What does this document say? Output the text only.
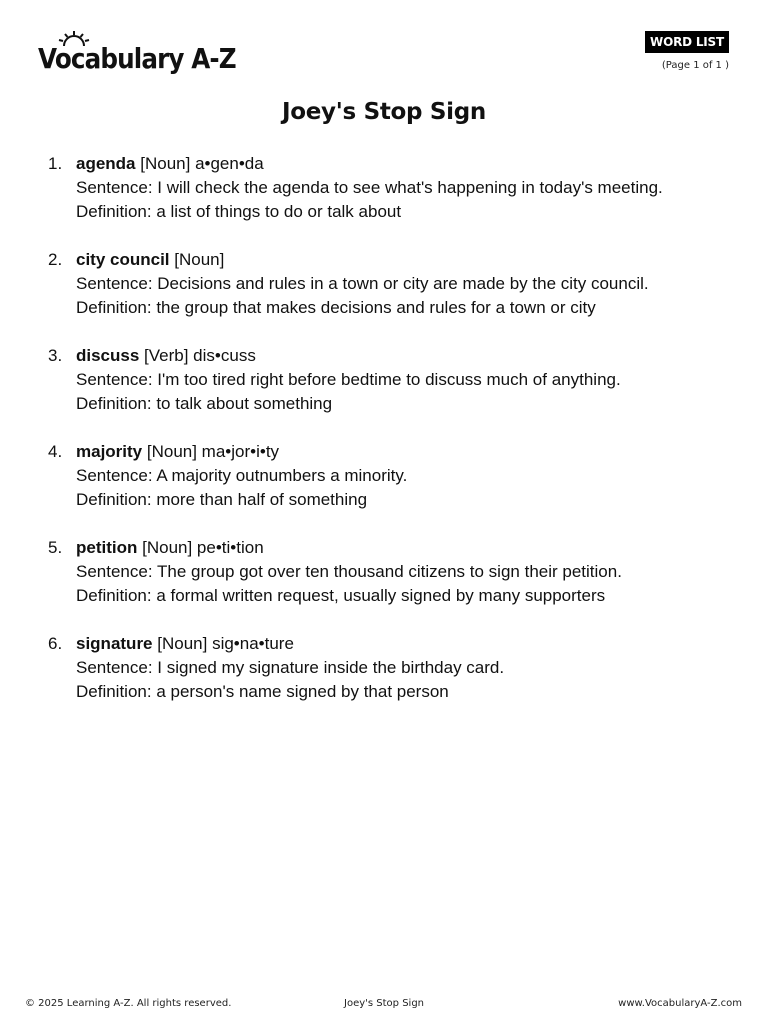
Vocabulary A-Z	WORD LIST
(Page 1 of 1 )
Joey's Stop Sign
1. agenda [Noun] a•gen•da
Sentence: I will check the agenda to see what's happening in today's meeting.
Definition: a list of things to do or talk about
2. city council [Noun]
Sentence: Decisions and rules in a town or city are made by the city council.
Definition: the group that makes decisions and rules for a town or city
3. discuss [Verb] dis•cuss
Sentence: I'm too tired right before bedtime to discuss much of anything.
Definition: to talk about something
4. majority [Noun] ma•jor•i•ty
Sentence: A majority outnumbers a minority.
Definition: more than half of something
5. petition [Noun] pe•ti•tion
Sentence: The group got over ten thousand citizens to sign their petition.
Definition: a formal written request, usually signed by many supporters
6. signature [Noun] sig•na•ture
Sentence: I signed my signature inside the birthday card.
Definition: a person's name signed by that person
© 2025 Learning A-Z. All rights reserved.	Joey's Stop Sign	www.VocabularyA-Z.com
